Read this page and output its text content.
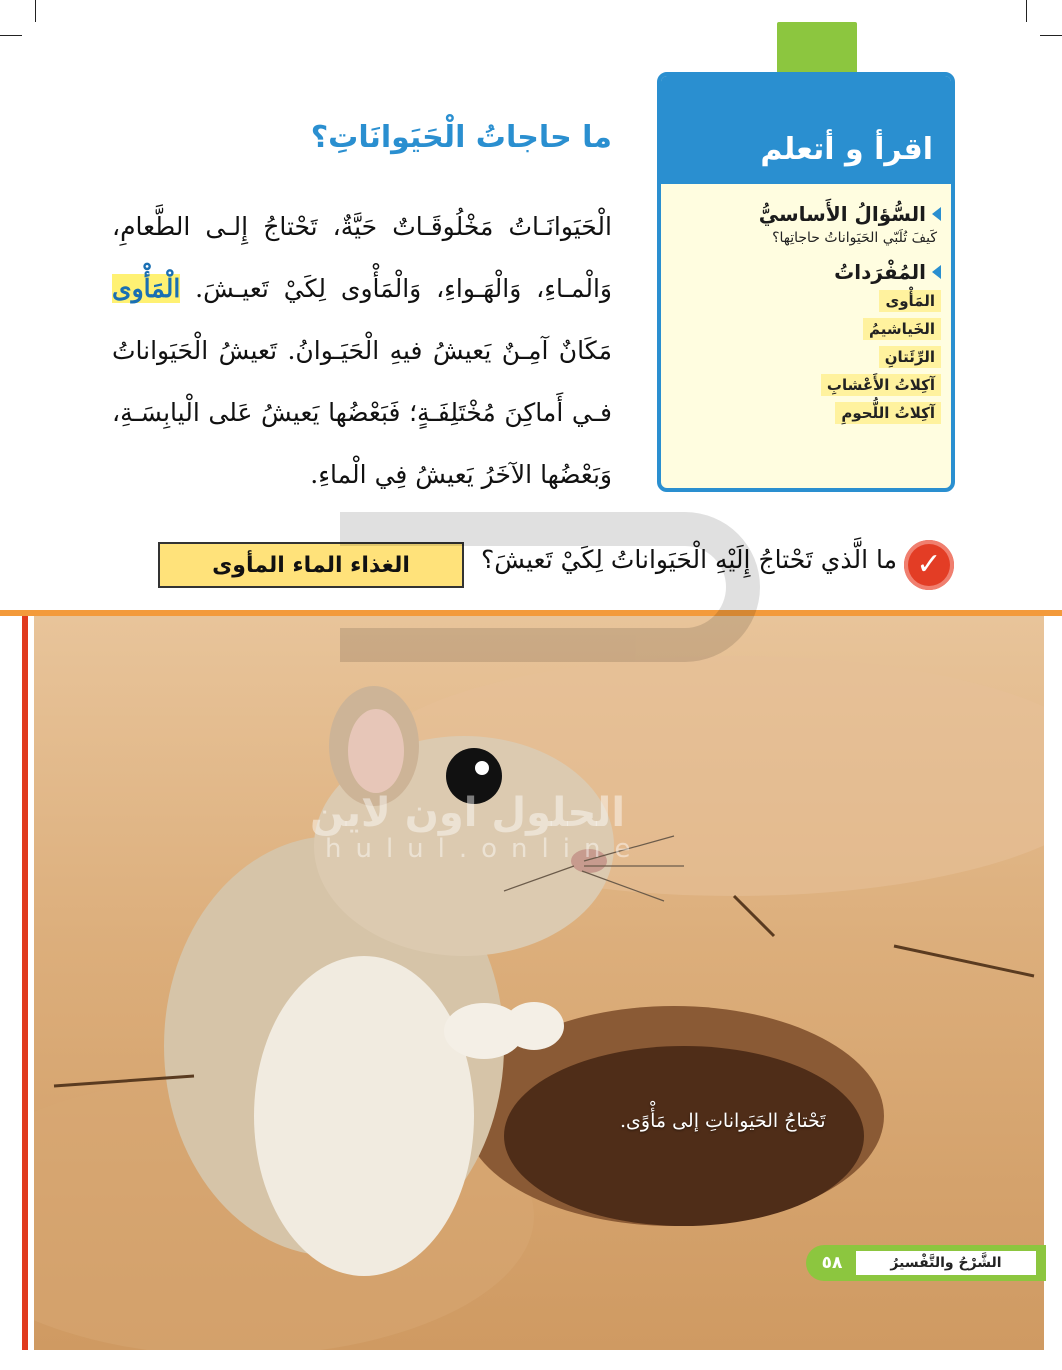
اقرأ و أتعلم
السُّؤالُ الأَساسيُّ
كَيفَ تُلَبّي الحَيَواناتُ حاجاتِها؟
المُفْرَداتُ
المَأْوى
الخَياشيمُ
الرِّئَتانِ
آكِلاتُ الأَعْشابِ
آكِلاتُ اللُّحومِ
ما حاجاتُ الْحَيَوانَاتِ؟
الْحَيَوانَـاتُ مَخْلُوقَـاتٌ حَيَّةٌ، تَحْتاجُ إِلـى الطَّعامِ، وَالْمـاءِ، وَالْهَـواءِ، وَالْمَأْوى لِكَيْ تَعيـشَ. الْمَأْوى مَكَانٌ آمِـنٌ يَعيشُ فيهِ الْحَيَـوانُ. تَعيشُ الْحَيَواناتُ فـي أَماكِنَ مُخْتَلِفَـةٍ؛ فَبَعْضُها يَعيشُ عَلى الْيابِسَـةِ، وَبَعْضُها الآخَرُ يَعيشُ فِي الْماءِ.
✓
ما الَّذي تَحْتاجُ إِلَيْهِ الْحَيَواناتُ لِكَيْ تَعيشَ؟
الغذاء الماء المأوى
الحلول اون لاين
hulul.online
تَحْتاجُ الحَيَواناتِ إلى مَأْوًى.
الشَّرْحُ والتَّفْسيرُ
٥٨
